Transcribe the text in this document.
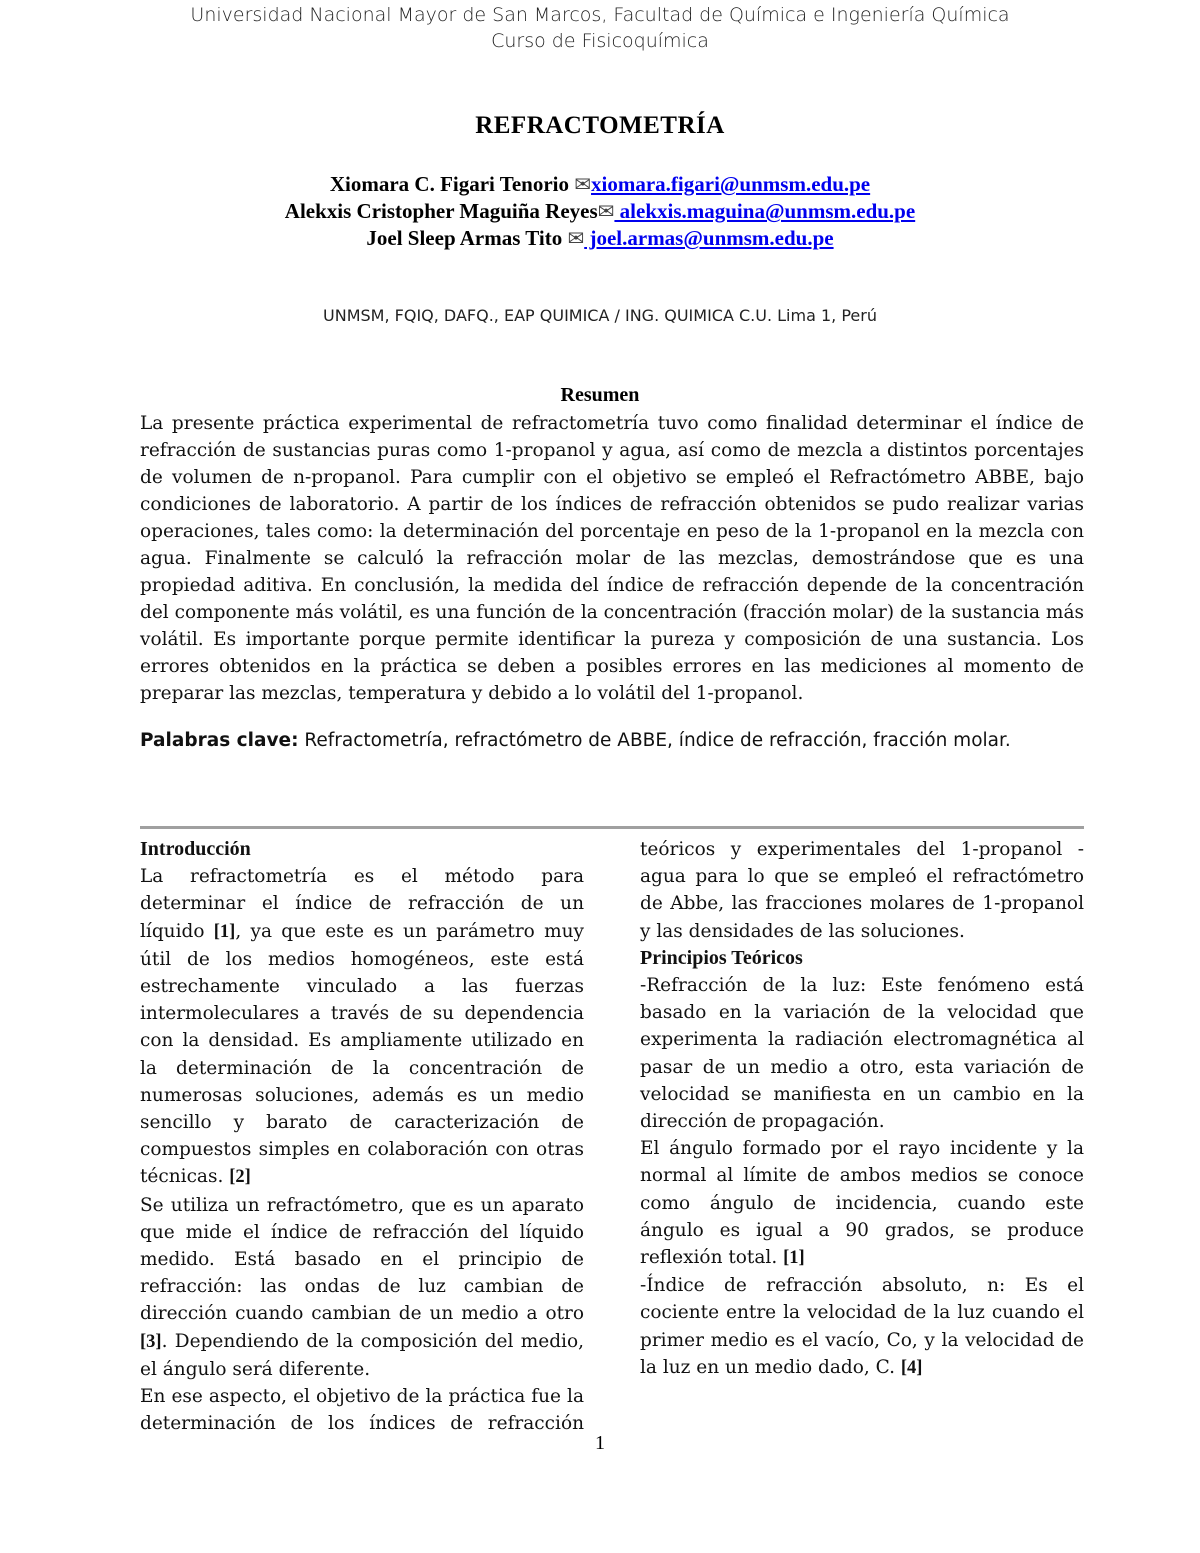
Universidad Nacional Mayor de San Marcos, Facultad de Química e Ingeniería Química
Curso de Fisicoquímica
REFRACTOMETRÍA
Xiomara C. Figari Tenorio ✉xiomara.figari@unmsm.edu.pe
Alekxis Cristopher Maguiña Reyes✉ alekxis.maguina@unmsm.edu.pe
Joel Sleep Armas Tito ✉ joel.armas@unmsm.edu.pe
UNMSM, FQIQ, DAFQ., EAP QUIMICA / ING. QUIMICA C.U. Lima 1, Perú
Resumen
La presente práctica experimental de refractometría tuvo como finalidad determinar el índice de refracción de sustancias puras como 1-propanol y agua, así como de mezcla a distintos porcentajes de volumen de n-propanol. Para cumplir con el objetivo se empleó el Refractómetro ABBE, bajo condiciones de laboratorio. A partir de los índices de refracción obtenidos se pudo realizar varias operaciones, tales como: la determinación del porcentaje en peso de la 1-propanol en la mezcla con agua. Finalmente se calculó la refracción molar de las mezclas, demostrándose que es una propiedad aditiva. En conclusión, la medida del índice de refracción depende de la concentración del componente más volátil, es una función de la concentración (fracción molar) de la sustancia más volátil. Es importante porque permite identificar la pureza y composición de una sustancia. Los errores obtenidos en la práctica se deben a posibles errores en las mediciones al momento de preparar las mezclas, temperatura y debido a lo volátil del 1-propanol.
Palabras clave: Refractometría, refractómetro de ABBE, índice de refracción, fracción molar.

Introducción

La refractometría es el método para determinar el índice de refracción de un líquido [1], ya que este es un parámetro muy útil de los medios homogéneos, este está estrechamente vinculado a las fuerzas intermoleculares a través de su dependencia con la densidad. Es ampliamente utilizado en la determinación de la concentración de numerosas soluciones, además es un medio sencillo y barato de caracterización de compuestos simples en colaboración con otras técnicas. [2]

Se utiliza un refractómetro, que es un aparato que mide el índice de refracción del líquido medido. Está basado en el principio de refracción: las ondas de luz cambian de dirección cuando cambian de un medio a otro [3]. Dependiendo de la composición del medio, el ángulo será diferente.

En ese aspecto, el objetivo de la práctica fue la determinación de los índices de refracción

teóricos y experimentales del 1-propanol - agua para lo que se empleó el refractómetro de Abbe, las fracciones molares de 1-propanol y las densidades de las soluciones.

Principios Teóricos

-Refracción de la luz: Este fenómeno está basado en la variación de la velocidad que experimenta la radiación electromagnética al pasar de un medio a otro, esta variación de velocidad se manifiesta en un cambio en la dirección de propagación.

El ángulo formado por el rayo incidente y la normal al límite de ambos medios se conoce como ángulo de incidencia, cuando este ángulo es igual a 90 grados, se produce reflexión total. [1]

-Índice de refracción absoluto, n: Es el cociente entre la velocidad de la luz cuando el primer medio es el vacío, Co, y la velocidad de la luz en un medio dado, C. [4]

1
